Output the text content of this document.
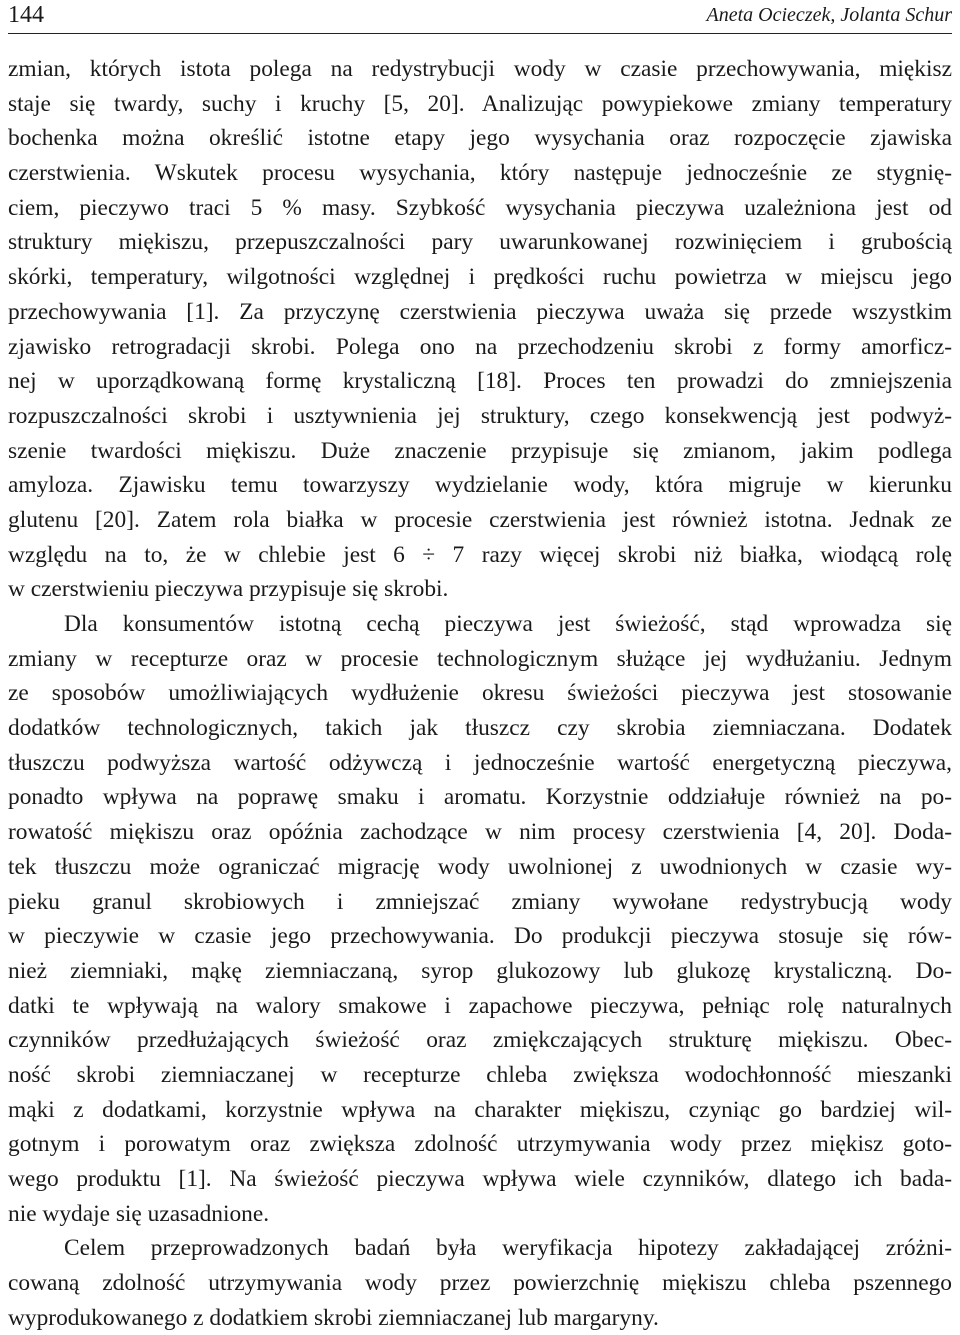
144	Aneta Ocieczek, Jolanta Schur
zmian, których istota polega na redystrybucji wody w czasie przechowywania, miękisz
staje się twardy, suchy i kruchy [5, 20]. Analizując powypiekowe zmiany temperatury
bochenka można określić istotne etapy jego wysychania oraz rozpoczęcie zjawiska
czerstwienia. Wskutek procesu wysychania, który następuje jednocześnie ze stygnię-
ciem, pieczywo traci 5 % masy. Szybkość wysychania pieczywa uzależniona jest od
struktury miękiszu, przepuszczalności pary uwarunkowanej rozwinięciem i grubością
skórki, temperatury, wilgotności względnej i prędkości ruchu powietrza w miejscu jego
przechowywania [1]. Za przyczynę czerstwienia pieczywa uważa się przede wszystkim
zjawisko retrogradacji skrobi. Polega ono na przechodzeniu skrobi z formy amorficz-
nej w uporządkowaną formę krystaliczną [18]. Proces ten prowadzi do zmniejszenia
rozpuszczalności skrobi i usztywnienia jej struktury, czego konsekwencją jest podwyż-
szenie twardości miękiszu. Duże znaczenie przypisuje się zmianom, jakim podlega
amyloza. Zjawisku temu towarzyszy wydzielanie wody, która migruje w kierunku
glutenu [20]. Zatem rola białka w procesie czerstwienia jest również istotna. Jednak ze
względu na to, że w chlebie jest 6 ÷ 7 razy więcej skrobi niż białka, wiodącą rolę
w czerstwieniu pieczywa przypisuje się skrobi.
Dla konsumentów istotną cechą pieczywa jest świeżość, stąd wprowadza się
zmiany w recepturze oraz w procesie technologicznym służące jej wydłużaniu. Jednym
ze sposobów umożliwiających wydłużenie okresu świeżości pieczywa jest stosowanie
dodatków technologicznych, takich jak tłuszcz czy skrobia ziemniaczana. Dodatek
tłuszczu podwyższa wartość odżywczą i jednocześnie wartość energetyczną pieczywa,
ponadto wpływa na poprawę smaku i aromatu. Korzystnie oddziałuje również na po-
rowatość miękiszu oraz opóźnia zachodzące w nim procesy czerstwienia [4, 20]. Doda-
tek tłuszczu może ograniczać migrację wody uwolnionej z uwodnionych w czasie wy-
pieku granul skrobiowych i zmniejszać zmiany wywołane redystrybucją wody
w pieczywie w czasie jego przechowywania. Do produkcji pieczywa stosuje się rów-
nież ziemniaki, mąkę ziemniaczaną, syrop glukozowy lub glukozę krystaliczną. Do-
datki te wpływają na walory smakowe i zapachowe pieczywa, pełniąc rolę naturalnych
czynników przedłużających świeżość oraz zmiękczających strukturę miękiszu. Obec-
ność skrobi ziemniaczanej w recepturze chleba zwiększa wodochłonność mieszanki
mąki z dodatkami, korzystnie wpływa na charakter miękiszu, czyniąc go bardziej wil-
gotnym i porowatym oraz zwiększa zdolność utrzymywania wody przez miękisz goto-
wego produktu [1]. Na świeżość pieczywa wpływa wiele czynników, dlatego ich bada-
nie wydaje się uzasadnione.
Celem przeprowadzonych badań była weryfikacja hipotezy zakładającej zróżni-
cowaną zdolność utrzymywania wody przez powierzchnię miękiszu chleba pszennego
wyprodukowanego z dodatkiem skrobi ziemniaczanej lub margaryny.
